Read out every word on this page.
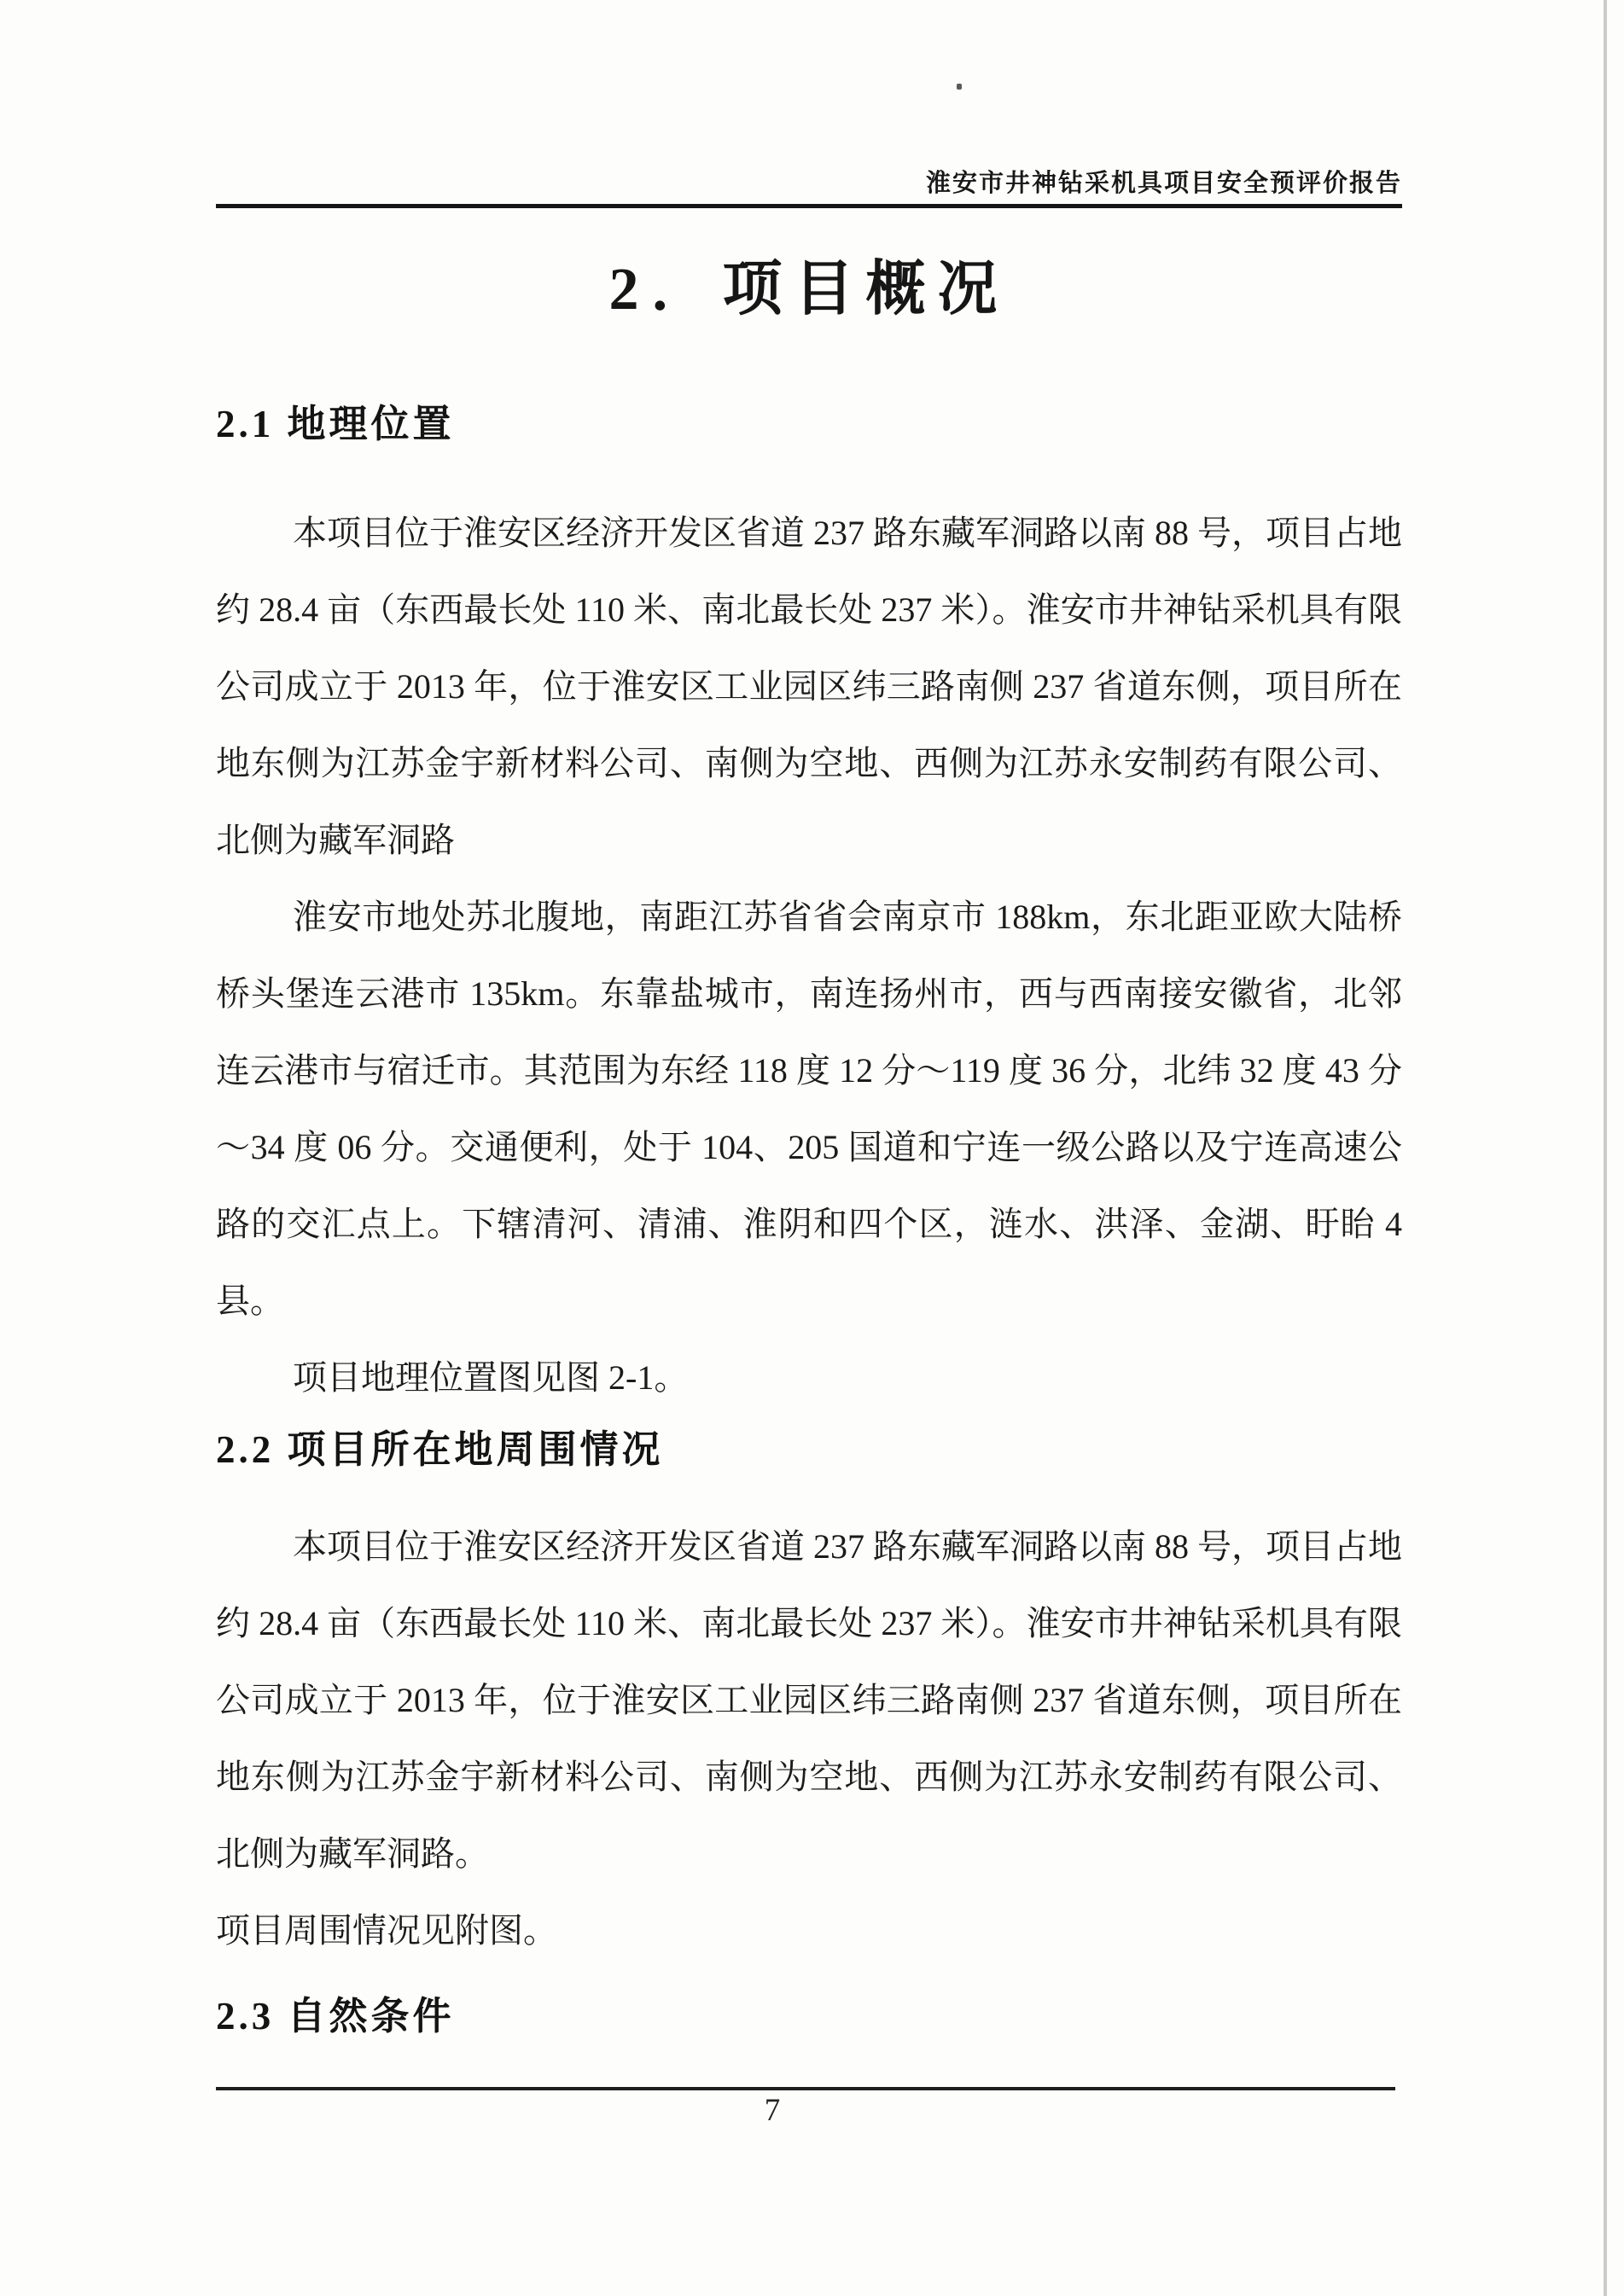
淮安市井神钻采机具项目安全预评价报告
2．项目概况
2.1 地理位置

本项目位于淮安区经济开发区省道 237 路东藏军洞路以南 88 号，项目占地约 28.4 亩（东西最长处 110 米、南北最长处 237 米）。淮安市井神钻采机具有限公司成立于 2013 年，位于淮安区工业园区纬三路南侧 237 省道东侧，项目所在地东侧为江苏金宇新材料公司、南侧为空地、西侧为江苏永安制药有限公司、北侧为藏军洞路

淮安市地处苏北腹地，南距江苏省省会南京市 188km，东北距亚欧大陆桥桥头堡连云港市 135km。东靠盐城市，南连扬州市，西与西南接安徽省，北邻连云港市与宿迁市。其范围为东经 118 度 12 分～119 度 36 分，北纬 32 度 43 分～34 度 06 分。交通便利，处于 104、205 国道和宁连一级公路以及宁连高速公路的交汇点上。下辖清河、清浦、淮阴和四个区，涟水、洪泽、金湖、盱眙 4 县。

项目地理位置图见图 2-1。

2.2 项目所在地周围情况

本项目位于淮安区经济开发区省道 237 路东藏军洞路以南 88 号，项目占地约 28.4 亩（东西最长处 110 米、南北最长处 237 米）。淮安市井神钻采机具有限公司成立于 2013 年，位于淮安区工业园区纬三路南侧 237 省道东侧，项目所在地东侧为江苏金宇新材料公司、南侧为空地、西侧为江苏永安制药有限公司、北侧为藏军洞路。

项目周围情况见附图。

2.3 自然条件
7
